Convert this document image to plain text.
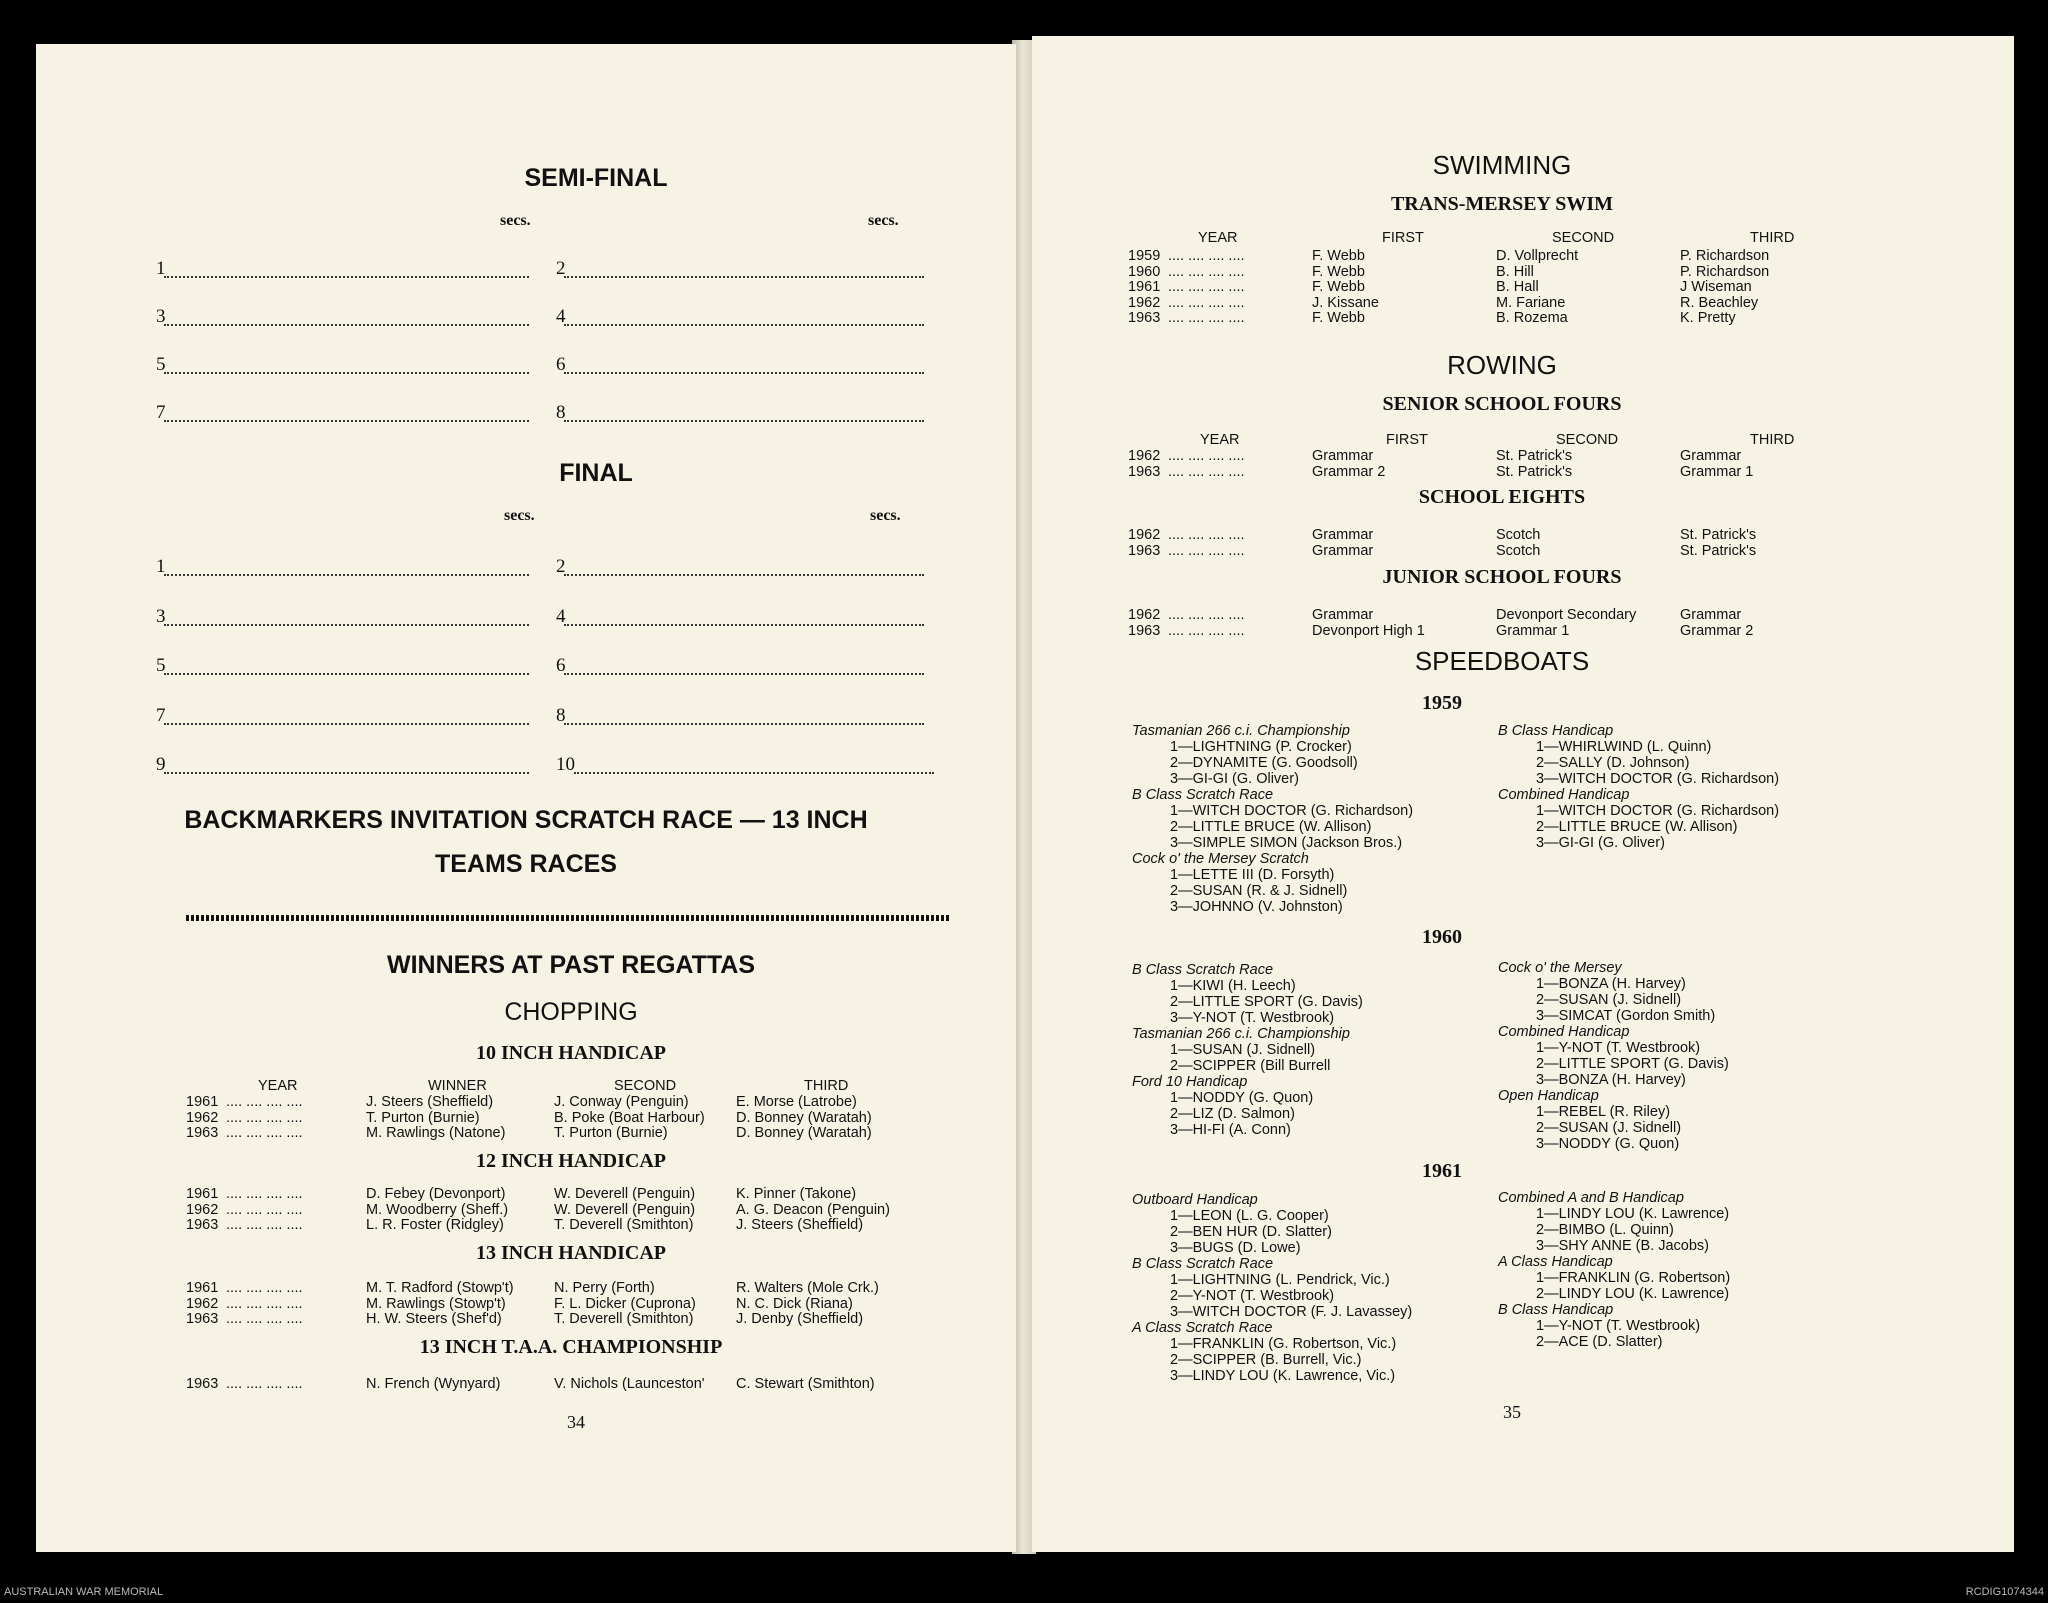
SEMI-FINAL
secs.	secs.
1	2
3	4
5	6
7	8
FINAL
secs.	secs.
1	2
3	4
5	6
7	8
9	10
BACKMARKERS INVITATION SCRATCH RACE — 13 INCH
TEAMS RACES
WINNERS AT PAST REGATTAS
CHOPPING
10 INCH HANDICAP
YEAR	WINNER	SECOND	THIRD
1961 .... .... .... ....	J. Steers (Sheffield)	J. Conway (Penguin)	E. Morse (Latrobe)
1962 .... .... .... ....	T. Purton (Burnie)	B. Poke (Boat Harbour) D. Bonney (Waratah)
1963 .... .... .... ....	M. Rawlings (Natone)	T. Purton (Burnie)	D. Bonney (Waratah)
12 INCH HANDICAP
1961 .... .... .... ....	D. Febey (Devonport)	W. Deverell (Penguin)	K. Pinner (Takone)
1962 .... .... .... ....	M. Woodberry (Sheff.)	W. Deverell (Penguin)	A. G. Deacon (Penguin)
1963 .... .... .... ....	L. R. Foster (Ridgley)	T. Deverell (Smithton)	J. Steers (Sheffield)
13 INCH HANDICAP
1961 .... .... .... ....	M. T. Radford (Stowp't)	N. Perry (Forth)	R. Walters (Mole Crk.)
1962 .... .... .... ....	M. Rawlings (Stowp't)	F. L. Dicker (Cuprona)	N. C. Dick (Riana)
1963 .... .... .... ....	H. W. Steers (Shef'd)	T. Deverell (Smithton)	J. Denby (Sheffield)
13 INCH T.A.A. CHAMPIONSHIP
1963 .... .... .... ....	N. French (Wynyard)	V. Nichols (Launceston' C. Stewart (Smithton)
34
SWIMMING
TRANS-MERSEY SWIM
YEAR	FIRST	SECOND	THIRD
1959 .... .... .... ....	F. Webb	D. Vollprecht	P. Richardson
1960 .... .... .... ....	F. Webb	B. Hill	P. Richardson
1961 .... .... .... ....	F. Webb	B. Hall	J Wiseman
1962 .... .... .... ....	J. Kissane	M. Fariane	R. Beachley
1963 .... .... .... ....	F. Webb	B. Rozema	K. Pretty
ROWING
SENIOR SCHOOL FOURS
YEAR	FIRST	SECOND	THIRD
1962 .... .... .... ....	Grammar	St. Patrick's	Grammar
1963 .... .... .... ....	Grammar 2	St. Patrick's	Grammar 1
SCHOOL EIGHTS
1962 .... .... .... ....	Grammar	Scotch	St. Patrick's
1963 .... .... .... ....	Grammar	Scotch	St. Patrick's
JUNIOR SCHOOL FOURS
1962 .... .... .... ....	Grammar	Devonport Secondary	Grammar
1963 .... .... .... ....	Devonport High 1	Grammar 1	Grammar 2
SPEEDBOATS
1959
Tasmanian 266 c.i. Championship
1—LIGHTNING (P. Crocker)
2—DYNAMITE (G. Goodsoll)
3—GI-GI (G. Oliver)
B Class Scratch Race
1—WITCH DOCTOR (G. Richardson)
2—LITTLE BRUCE (W. Allison)
3—SIMPLE SIMON (Jackson Bros.)
Cock o' the Mersey Scratch
1—LETTE III (D. Forsyth)
2—SUSAN (R. & J. Sidnell)
3—JOHNNO (V. Johnston)
B Class Handicap
1—WHIRLWIND (L. Quinn)
2—SALLY (D. Johnson)
3—WITCH DOCTOR (G. Richardson)
Combined Handicap
1—WITCH DOCTOR (G. Richardson)
2—LITTLE BRUCE (W. Allison)
3—GI-GI (G. Oliver)
1960
B Class Scratch Race
1—KIWI (H. Leech)
2—LITTLE SPORT (G. Davis)
3—Y-NOT (T. Westbrook)
Tasmanian 266 c.i. Championship
1—SUSAN (J. Sidnell)
2—SCIPPER (Bill Burrell
Ford 10 Handicap
1—NODDY (G. Quon)
2—LIZ (D. Salmon)
3—HI-FI (A. Conn)
Cock o' the Mersey
1—BONZA (H. Harvey)
2—SUSAN (J. Sidnell)
3—SIMCAT (Gordon Smith)
Combined Handicap
1—Y-NOT (T. Westbrook)
2—LITTLE SPORT (G. Davis)
3—BONZA (H. Harvey)
Open Handicap
1—REBEL (R. Riley)
2—SUSAN (J. Sidnell)
3—NODDY (G. Quon)
1961
Outboard Handicap
1—LEON (L. G. Cooper)
2—BEN HUR (D. Slatter)
3—BUGS (D. Lowe)
B Class Scratch Race
1—LIGHTNING (L. Pendrick, Vic.)
2—Y-NOT (T. Westbrook)
3—WITCH DOCTOR (F. J. Lavassey)
A Class Scratch Race
1—FRANKLIN (G. Robertson, Vic.)
2—SCIPPER (B. Burrell, Vic.)
3—LINDY LOU (K. Lawrence, Vic.)
Combined A and B Handicap
1—LINDY LOU (K. Lawrence)
2—BIMBO (L. Quinn)
3—SHY ANNE (B. Jacobs)
A Class Handicap
1—FRANKLIN (G. Robertson)
2—LINDY LOU (K. Lawrence)
B Class Handicap
1—Y-NOT (T. Westbrook)
2—ACE (D. Slatter)
35
AUSTRALIAN WAR MEMORIAL	RCDIG1074344
